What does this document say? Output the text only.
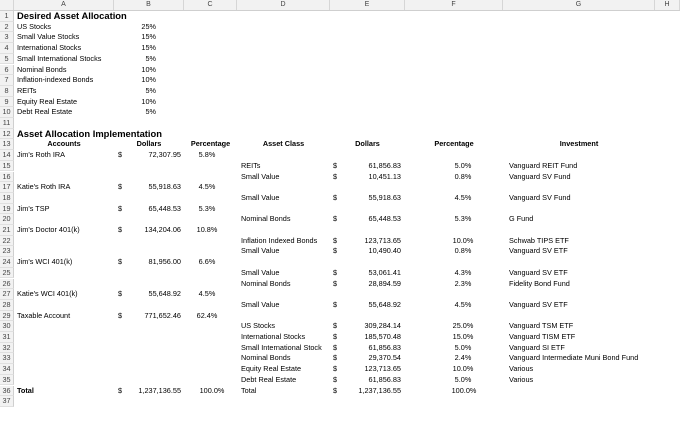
A	B	C	D	E	F	G	H
1
2
3
4
5
6
7
8
9
10
11
12
13
14
15
16
17
18
19
20
21
22
23
24
25
26
27
28
29
30
31
32
33
34
35
36
37
Desired Asset Allocation
US Stocks	25%
Small Value Stocks	15%
International Stocks	15%
Small International Stocks	5%
Nominal Bonds	10%
Inflation-indexed Bonds	10%
REITs	5%
Equity Real Estate	10%
Debt Real Estate	5%
Asset Allocation Implementation
Accounts	Dollars	Percentage	Asset Class	Dollars	Percentage	Investment
Jim's Roth IRA	$	72,307.95	5.8%
Katie's Roth IRA	$	55,918.63	4.5%
Jim's TSP	$	65,448.53	5.3%
Jim's Doctor 401(k)	$	134,204.06	10.8%
Jim's WCI 401(k)	$	81,956.00	6.6%
Katie's WCI 401(k)	$	55,648.92	4.5%
Taxable Account	$	771,652.46	62.4%
REITs	$	61,856.83	5.0%	Vanguard REIT Fund
Small Value	$	10,451.13	0.8%	Vanguard SV Fund
Small Value	$	55,918.63	4.5%	Vanguard SV Fund
Nominal Bonds	$	65,448.53	5.3%	G Fund
Inflation Indexed Bonds	$	123,713.65	10.0%	Schwab TIPS ETF
Small Value	$	10,490.40	0.8%	Vanguard SV ETF
Small Value	$	53,061.41	4.3%	Vanguard SV ETF
Nominal Bonds	$	28,894.59	2.3%	Fidelity Bond Fund
Small Value	$	55,648.92	4.5%	Vanguard SV ETF
US Stocks	$	309,284.14	25.0%	Vanguard TSM ETF
International Stocks	$	185,570.48	15.0%	Vanguard TISM ETF
Small International Stock	$	61,856.83	5.0%	Vanguard SI ETF
Nominal Bonds	$	29,370.54	2.4%	Vanguard Intermediate Muni Bond Fund
Equity Real Estate	$	123,713.65	10.0%	Various
Debt Real Estate	$	61,856.83	5.0%	Various
Total	$	1,237,136.55	100.0%	Total	$	1,237,136.55	100.0%
